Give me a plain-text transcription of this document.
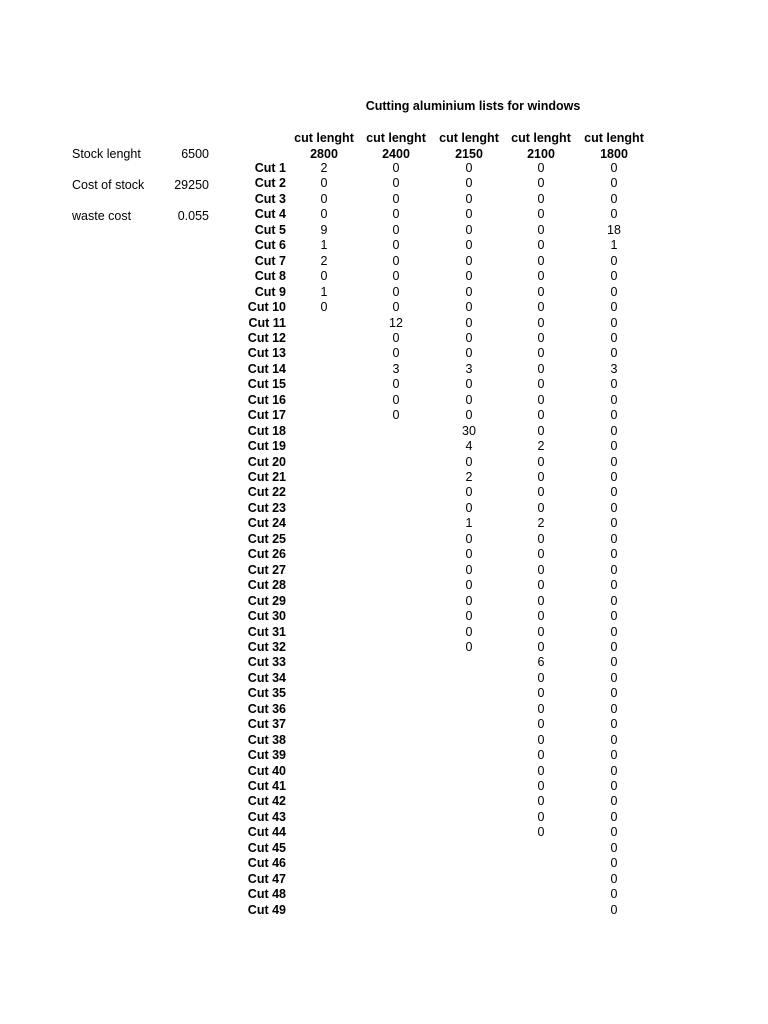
Cutting aluminium lists for windows
Stock lenght	6500
Cost of stock 29250
waste cost	0.055
cut lenght
2800
cut lenght
2400
cut lenght
2150
cut lenght
2100
cut lenght
1800
Cut 1
Cut 2
Cut 3
Cut 4
Cut 5
Cut 6
Cut 7
Cut 8
Cut 9
Cut 10
Cut 11
Cut 12
Cut 13
Cut 14
Cut 15
Cut 16
Cut 17
Cut 18
Cut 19
Cut 20
Cut 21
Cut 22
Cut 23
Cut 24
Cut 25
Cut 26
Cut 27
Cut 28
Cut 29
Cut 30
Cut 31
Cut 32
Cut 33
Cut 34
Cut 35
Cut 36
Cut 37
Cut 38
Cut 39
Cut 40
Cut 41
Cut 42
Cut 43
Cut 44
Cut 45
Cut 46
Cut 47
Cut 48
Cut 49
2
0
0
0
9
1
2
0
1
0
0
0
0
0
0
0
0
0
0
0
12
0
0
3
0
0
0
0
0
0
0
0
0
0
0
0
0
0
0
0
3
0
0
0
30
4
0
2
0
0
1
0
0
0
0
0
0
0
0
0
0
0
0
0
0
0
0
0
0
0
0
0
0
0
0
0
0
2
0
0
0
0
2
0
0
0
0
0
0
0
0
6
0
0
0
0
0
0
0
0
0
0
0
0
0
0
0
18
1
0
0
0
0
0
0
0
3
0
0
0
0
0
0
0
0
0
0
0
0
0
0
0
0
0
0
0
0
0
0
0
0
0
0
0
0
0
0
0
0
0
0
0
